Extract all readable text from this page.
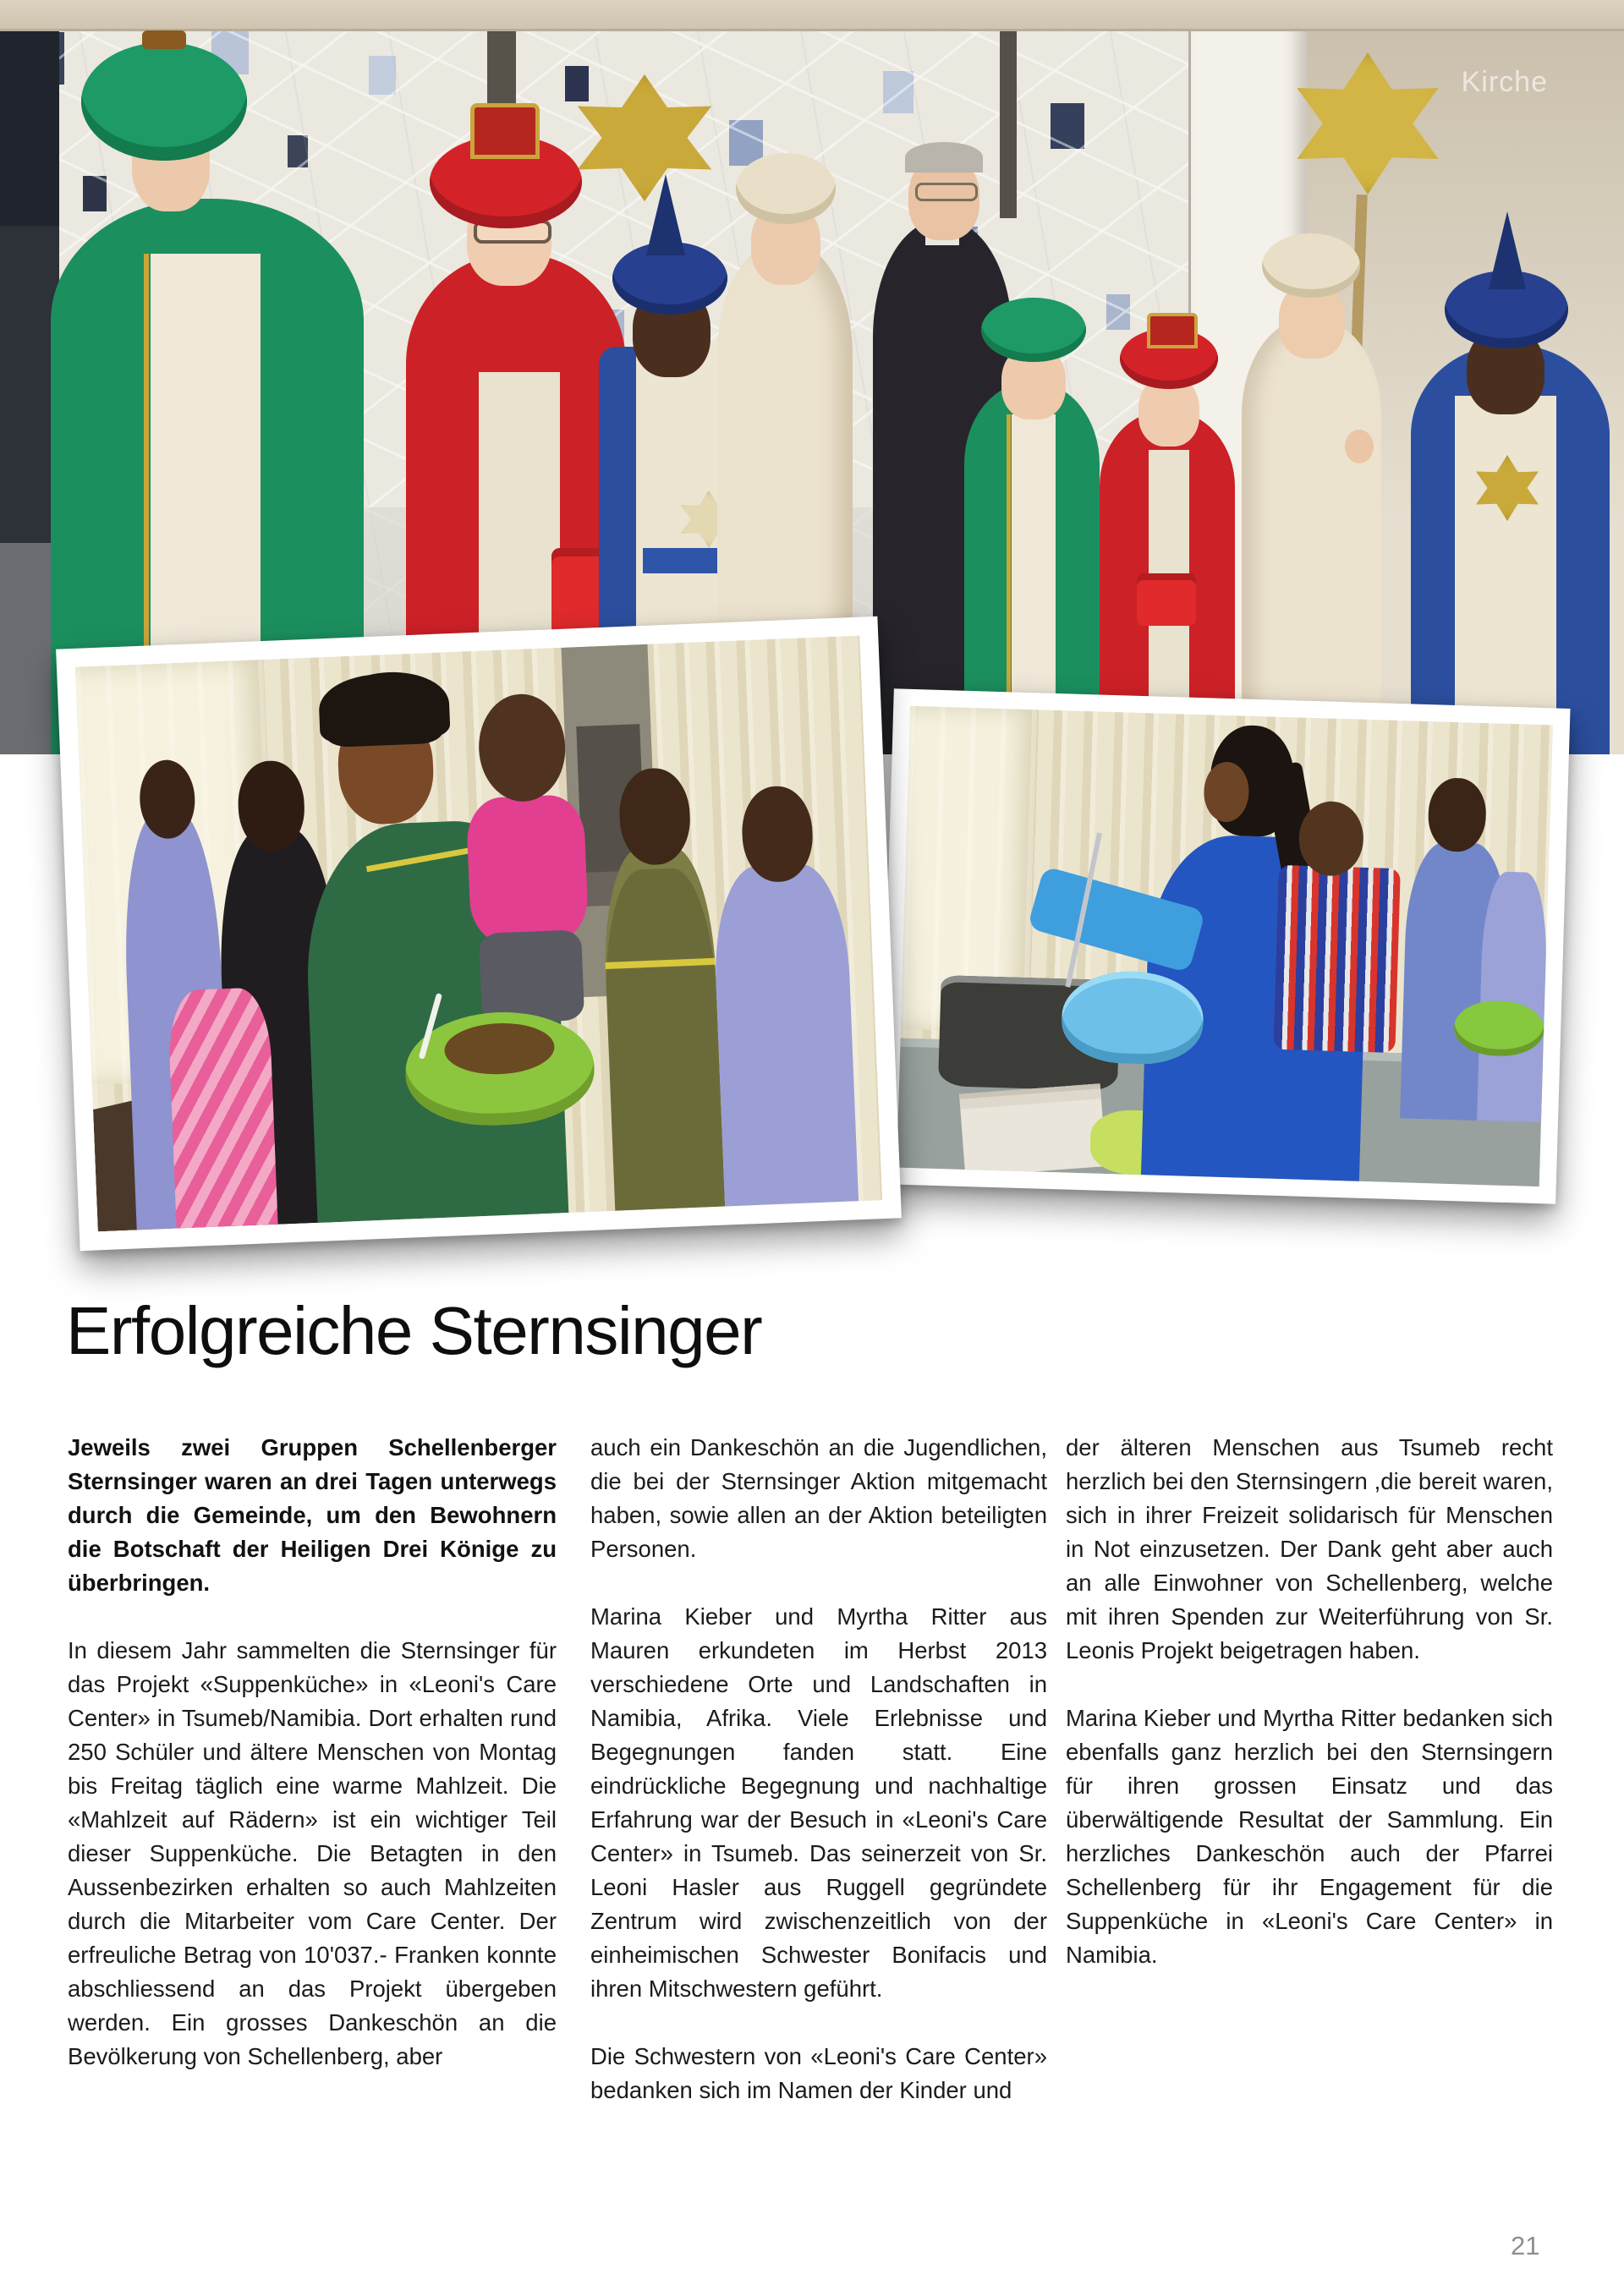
Kirche
Erfolgreiche Sternsinger

Jeweils zwei Gruppen Schellenberger Sternsinger waren an drei Tagen unterwegs durch die Gemeinde, um den Bewohnern die Botschaft der Heiligen Drei Könige zu überbringen.

In diesem Jahr sammelten die Sternsinger für das Projekt «Suppenküche» in «Leoni's Care Center» in Tsumeb/Namibia. Dort erhalten rund 250 Schüler und ältere Menschen von Montag bis Freitag täglich eine warme Mahlzeit. Die «Mahlzeit auf Rädern» ist ein wichtiger Teil dieser Suppenküche. Die Betagten in den Aussenbezirken erhalten so auch Mahlzeiten durch die Mitarbeiter vom Care Center. Der erfreuliche Betrag von 10'037.- Franken konnte abschliessend an das Projekt übergeben werden. Ein grosses Dankeschön an die Bevölkerung von Schellenberg, aber

auch ein Dankeschön an die Jugendlichen, die bei der Sternsinger Aktion mitgemacht haben, sowie allen an der Aktion beteiligten Personen.

Marina Kieber und Myrtha Ritter aus Mauren erkundeten im Herbst 2013 verschiedene Orte und Landschaften in Namibia, Afrika. Viele Erlebnisse und Begegnungen fanden statt. Eine eindrückliche Begegnung und nachhaltige Erfahrung war der Besuch in «Leoni's Care Center» in Tsumeb. Das seinerzeit von Sr. Leoni Hasler aus Ruggell gegründete Zentrum wird zwischenzeitlich von der einheimischen Schwester Bonifacis und ihren Mitschwestern geführt.

Die Schwestern von «Leoni's Care Center» bedanken sich im Namen der Kinder und

der älteren Menschen aus Tsumeb recht herzlich bei den Sternsingern ,die bereit waren, sich in ihrer Freizeit solidarisch für Menschen in Not einzusetzen. Der Dank geht aber auch an alle Einwohner von Schellenberg, welche mit ihren Spenden zur Weiterführung von Sr. Leonis Projekt beigetragen haben.

Marina Kieber und Myrtha Ritter bedanken sich ebenfalls ganz herzlich bei den Sternsingern für ihren grossen Einsatz und das überwältigende Resultat der Sammlung. Ein herzliches Dankeschön auch der Pfarrei Schellenberg für ihr Engagement für die Suppenküche in «Leoni's Care Center» in Namibia.

21
